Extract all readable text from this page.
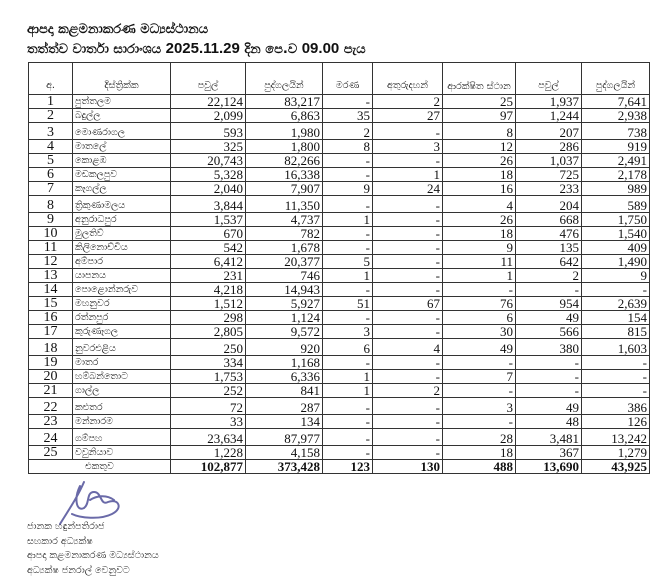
ආපදා කළමනාකරණ මධ්‍යස්ථානය
තත්ත්ව වාර්තා සාරාංශය 2025.11.29 දින පෙ.ව 09.00 පැය
අ.	දිස්ත්‍රික්ක	පවුල්	පුද්ගලයින්	මරණ	අතුරුදහන්	ආරක්ෂිත ස්ථාන	පවුල්	පුද්ගලයින්
1	පුත්තලම	22,124	83,217	-	2	25	1,937	7,641
2	බදුල්ල	2,099	6,863	35	27	97	1,244	2,938
3	මොණරාගල	593	1,980	2	-	8	207	738
4	මාතලේ	325	1,800	8	3	12	286	919
5	කොළඹ	20,743	82,266	-	-	26	1,037	2,491
6	මඩකලපුව	5,328	16,338	-	1	18	725	2,178
7	කෑගල්ල	2,040	7,907	9	24	16	233	989
8	ත්‍රිකුණාමලය	3,844	11,350	-	-	4	204	589
9	අනුරාධපුර	1,537	4,737	1	-	26	668	1,750
10	මුලතිව්	670	782	-	-	18	476	1,540
11	කිලිනොච්චිය	542	1,678	-	-	9	135	409
12	අම්පාර	6,412	20,377	5	-	11	642	1,490
13	යාපනය	231	746	1	-	1	2	9
14	පොළොන්නරුව	4,218	14,943	-	-	-	-	-
15	මහනුවර	1,512	5,927	51	67	76	954	2,639
16	රත්නපුර	298	1,124	-	-	6	49	154
17	කුරුණෑගල	2,805	9,572	3	-	30	566	815
18	නුවරඑළිය	250	920	6	4	49	380	1,603
19	මාතර	334	1,168	-	-	-	-	-
20	හම්බන්තොට	1,753	6,336	1	-	7	-	-
21	ගාල්ල	252	841	1	2	-	-	-
22	කළුතර	72	287	-	-	3	49	386
23	මන්නාරම	33	134	-	-	-	48	126
24	ගම්පහ	23,634	87,977	-	-	28	3,481	13,242
25	වවුනියාව	1,228	4,158	-	-	18	367	1,279
එකතුව		102,877	373,428	123	130	488	13,690	43,925
ජානක හඳුන්පතිරාජ
සහකාර අධ්‍යක්ෂ
ආපදා කළමනාකරණ මධ්‍යස්ථානය
අධ්‍යක්ෂ ජනරාල් වෙනුවට
